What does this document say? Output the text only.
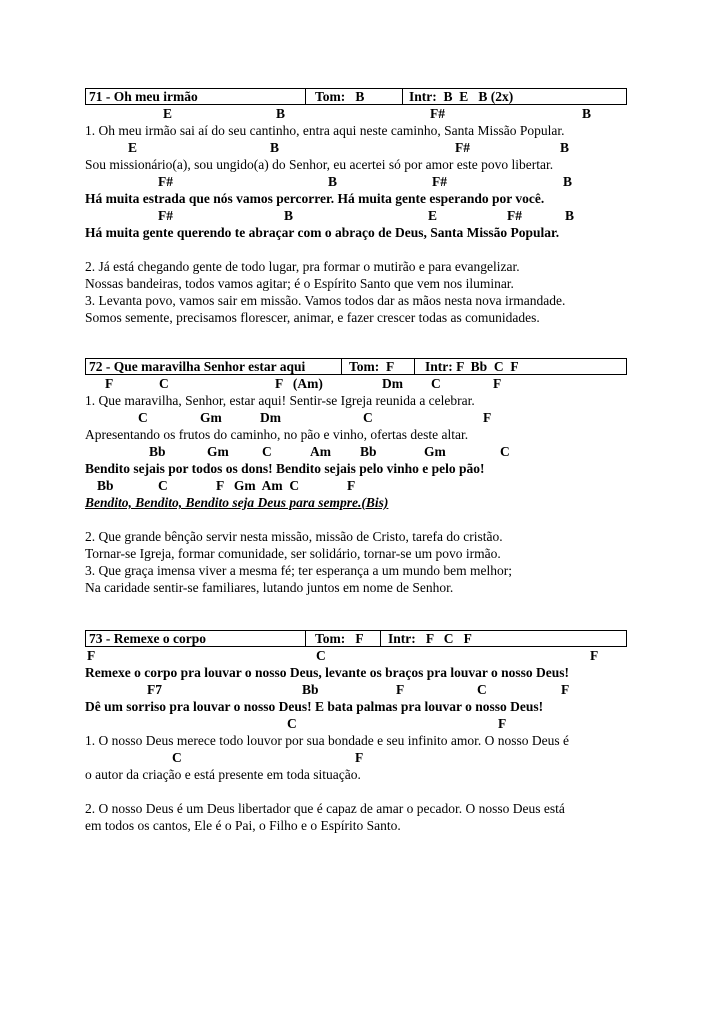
71 - Oh meu irmão	Tom:   B	Intr:  B  E   B (2x)
E	B	F#	B
1. Oh meu irmão sai aí do seu cantinho, entra aqui neste caminho, Santa Missão Popular.
E	B	F#	B
Sou missionário(a), sou ungido(a) do Senhor, eu acertei só por amor este povo libertar.
F#	B	F#	B
Há muita estrada que nós vamos percorrer. Há muita gente esperando por você.
F#	B	E	F#	B
Há muita gente querendo te abraçar com o abraço de Deus, Santa Missão Popular.
2. Já está chegando gente de todo lugar, pra formar o mutirão e para evangelizar.
Nossas bandeiras, todos vamos agitar; é o Espírito Santo que vem nos iluminar.
3. Levanta povo, vamos sair em missão. Vamos todos dar as mãos nesta nova irmandade.
Somos semente, precisamos florescer, animar, e fazer crescer todas as comunidades.
72 - Que maravilha Senhor estar aqui	Tom:  F Intr: F  Bb  C  F
F	C	F   (Am)	Dm C	F
1. Que maravilha, Senhor, estar aqui! Sentir-se Igreja reunida a celebrar.
C	Gm	Dm	C	F
Apresentando os frutos do caminho, no pão e vinho, ofertas deste altar.
Bb	Gm C	Am Bb	Gm	C
Bendito sejais por todos os dons! Bendito sejais pelo vinho e pelo pão!
Bb	C	F   Gm  Am  C	F
Bendito, Bendito, Bendito seja Deus para sempre.(Bis)
2. Que grande bênção servir nesta missão, missão de Cristo, tarefa do cristão.
Tornar-se Igreja, formar comunidade, ser solidário, tornar-se um povo irmão.
3. Que graça imensa viver a mesma fé; ter esperança a um mundo bem melhor;
Na caridade sentir-se familiares, lutando juntos em nome de Senhor.
73 - Remexe o corpo	Tom:   F Intr:   F   C   F
F	C	F
Remexe o corpo pra louvar o nosso Deus, levante os braços pra louvar o nosso Deus!
F7	Bb	F	C	F
Dê um sorriso pra louvar o nosso Deus! E bata palmas pra louvar o nosso Deus!
C	F
1. O nosso Deus merece todo louvor por sua bondade e seu infinito amor. O nosso Deus é
C	F
o autor da criação e está presente em toda situação.
2. O nosso Deus é um Deus libertador que é capaz de amar o pecador. O nosso Deus está
em todos os cantos, Ele é o Pai, o Filho e o Espírito Santo.
